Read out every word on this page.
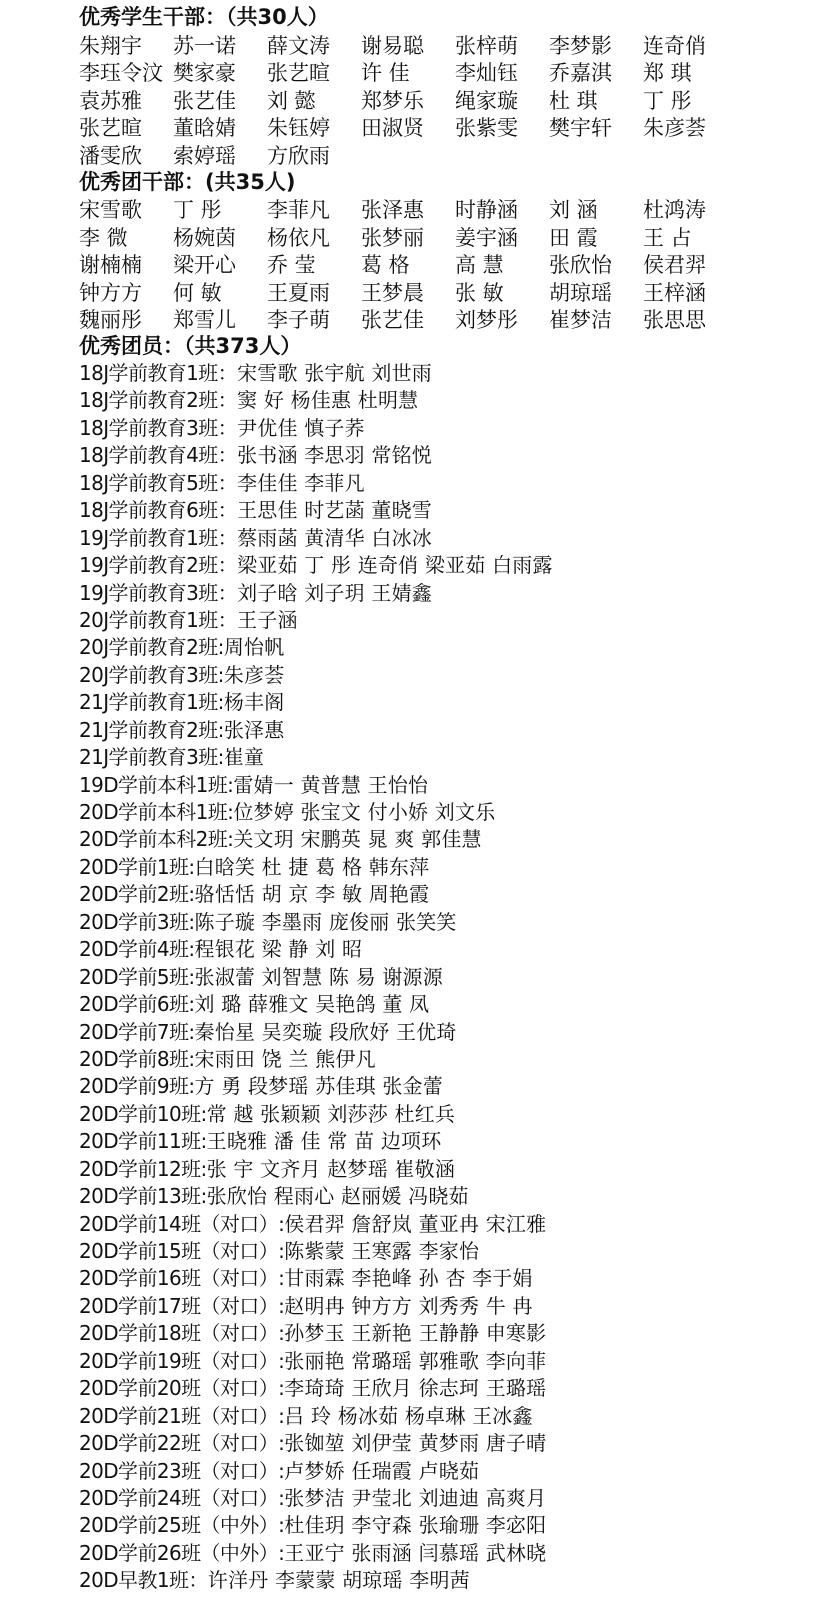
优秀学生干部：（共30人）
朱翔宇	苏一诺	薛文涛	谢易聪	张梓萌	李梦影	连奇俏
李珏令汶 樊家豪	张艺暄	许 佳	李灿钰	乔嘉淇	郑 琪
袁苏雅	张艺佳	刘 懿	郑梦乐	绳家璇	杜 琪	丁 彤
张艺暄	董晗婧	朱钰婷	田淑贤	张紫雯	樊宇轩	朱彦荟
潘雯欣	索婷瑶	方欣雨
优秀团干部：(共35人)
宋雪歌	丁 彤	李菲凡	张泽惠	时静涵	刘 涵	杜鸿涛
李 微	杨婉茵	杨依凡	张梦丽	姜宇涵	田 霞	王 占
谢楠楠	梁开心	乔 莹	葛 格	高 慧	张欣怡	侯君羿
钟方方	何 敏	王夏雨	王梦晨	张 敏	胡琼瑶	王梓涵
魏丽彤	郑雪儿	李子萌	张艺佳	刘梦彤	崔梦洁	张思思
优秀团员：（共373人）
18J学前教育1班：宋雪歌 张宇航 刘世雨
18J学前教育2班：窦 好 杨佳惠 杜明慧
18J学前教育3班：尹优佳 慎子荞
18J学前教育4班：张书涵 李思羽 常铭悦
18J学前教育5班：李佳佳 李菲凡
18J学前教育6班：王思佳 时艺菡 董晓雪
19J学前教育1班：蔡雨菡 黄清华 白冰冰
19J学前教育2班：梁亚茹 丁 彤 连奇俏 梁亚茹 白雨露
19J学前教育3班：刘子晗 刘子玥 王婧鑫
20J学前教育1班：王子涵
20J学前教育2班:周怡帆
20J学前教育3班:朱彦荟
21J学前教育1班:杨丰阁
21J学前教育2班:张泽惠
21J学前教育3班:崔童
19D学前本科1班:雷婧一 黄普慧 王怡怡
20D学前本科1班:位梦婷 张宝文 付小娇 刘文乐
20D学前本科2班:关文玥 宋鹏英 晁 爽 郭佳慧
20D学前1班:白晗笑 杜 捷 葛 格 韩东萍
20D学前2班:骆恬恬 胡 京 李 敏 周艳霞
20D学前3班:陈子璇 李墨雨 庞俊丽 张笑笑
20D学前4班:程银花 梁 静 刘 昭
20D学前5班:张淑蕾 刘智慧 陈 易 谢源源
20D学前6班:刘 璐 薛雅文 吴艳鸽 董 凤
20D学前7班:秦怡星 吴奕璇 段欣妤 王优琦
20D学前8班:宋雨田 饶 兰 熊伊凡
20D学前9班:方 勇 段梦瑶 苏佳琪 张金蕾
20D学前10班:常 越 张颖颖 刘莎莎 杜红兵
20D学前11班:王晓雅 潘 佳 常 苗 边项环
20D学前12班:张 宇 文齐月 赵梦瑶 崔敬涵
20D学前13班:张欣怡 程雨心 赵丽媛 冯晓茹
20D学前14班（对口）:侯君羿 詹舒岚 董亚冉 宋江雅
20D学前15班（对口）:陈紫蒙 王寒露 李家怡
20D学前16班（对口）:甘雨霖 李艳峰 孙 杏 李于娟
20D学前17班（对口）:赵明冉 钟方方 刘秀秀 牛 冉
20D学前18班（对口）:孙梦玉 王新艳 王静静 申寒影
20D学前19班（对口）:张丽艳 常璐瑶 郭雅歌 李向菲
20D学前20班（对口）:李琦琦 王欣月 徐志珂 王璐瑶
20D学前21班（对口）:吕 玲 杨冰茹 杨卓琳 王冰鑫
20D学前22班（对口）:张铷堃 刘伊莹 黄梦雨 唐子晴
20D学前23班（对口）:卢梦娇 任瑞霞 卢晓茹
20D学前24班（对口）:张梦洁 尹莹北 刘迪迪 高爽月
20D学前25班（中外）:杜佳玥 李守森 张瑜珊 李宓阳
20D学前26班（中外）:王亚宁 张雨涵 闫慕瑶 武林晓
20D早教1班：许洋丹 李蒙蒙 胡琼瑶 李明茜
